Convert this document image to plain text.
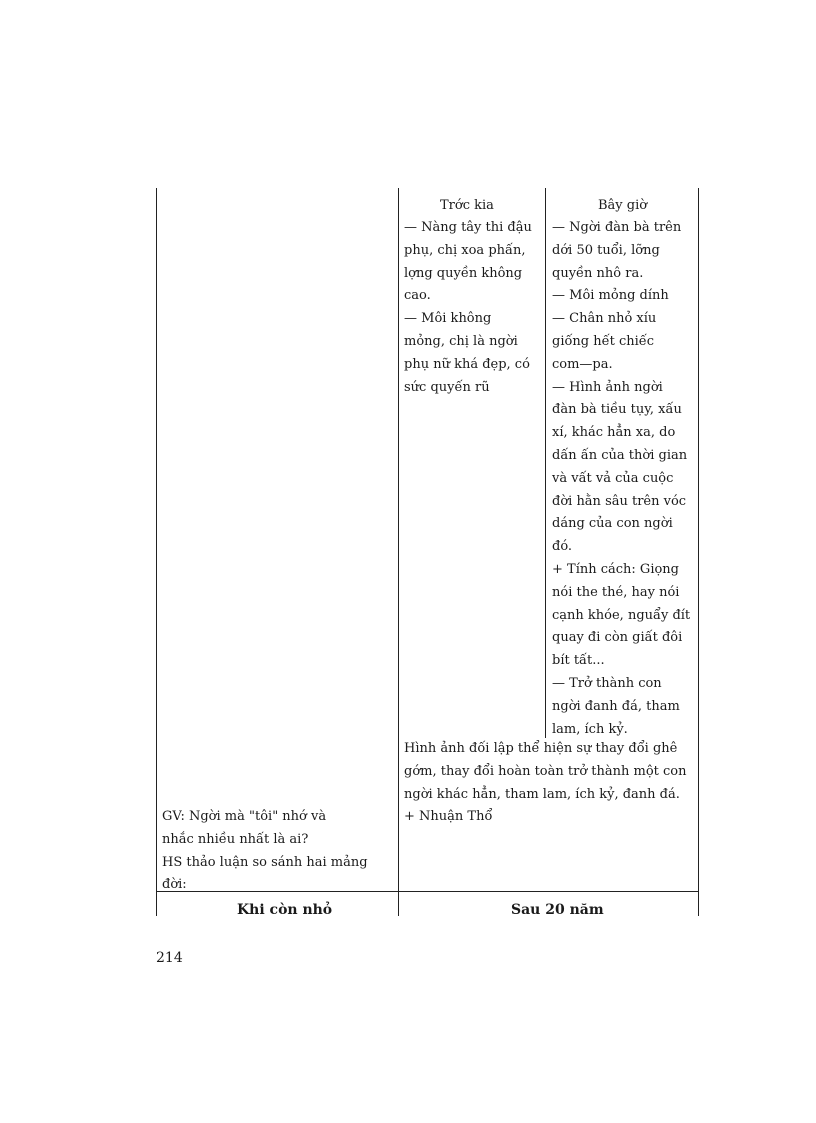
Trớc kia
— Nàng tây thi đậu
phụ, chị xoa phấn,
lợng quyền không
cao.
— Môi không
mỏng, chị là ngời
phụ nữ khá đẹp, có
sức quyến rũ
Bây giờ
— Ngời đàn bà trên
dới 50 tuổi, lỡng
quyền nhô ra.
— Môi mỏng dính
— Chân nhỏ xíu
giống hết chiếc
com—pa.
— Hình ảnh ngời
đàn bà tiều tụy, xấu
xí, khác hẳn xa, do
dấn ấn của thời gian
và vất vả của cuộc
đời hằn sâu trên vóc
dáng của con ngời
đó.
+ Tính cách: Giọng
nói the thé, hay nói
cạnh khóe, nguẩy đít
quay đi còn giất đôi
bít tất...
— Trở thành con
ngời đanh đá, tham
lam, ích kỷ.
Hình ảnh đối lập thể hiện sự thay đổi ghê
gớm, thay đổi hoàn toàn trở thành một con
ngời khác hẳn, tham lam, ích kỷ, đanh đá.
+ Nhuận Thổ
GV: Ngời mà "tôi" nhớ và
nhắc nhiều nhất là ai?
HS thảo luận so sánh hai mảng
đời:
Khi còn nhỏ	Sau 20 năm
214
